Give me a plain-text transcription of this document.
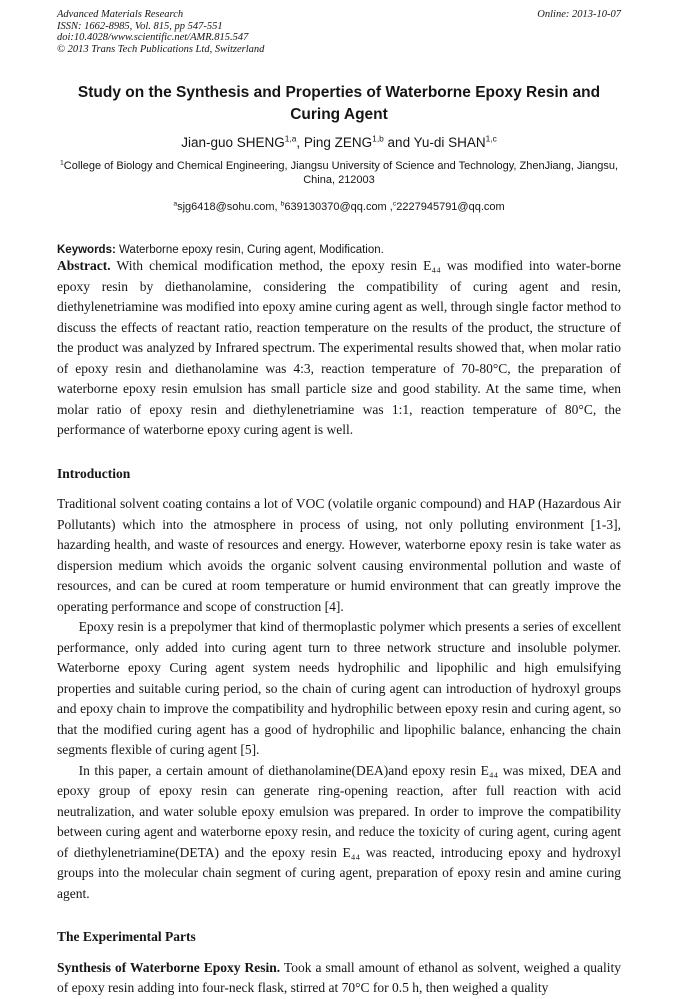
Advanced Materials Research
ISSN: 1662-8985, Vol. 815, pp 547-551
doi:10.4028/www.scientific.net/AMR.815.547
© 2013 Trans Tech Publications Ltd, Switzerland
Online: 2013-10-07
Study on the Synthesis and Properties of Waterborne Epoxy Resin and Curing Agent
Jian-guo SHENG$^{1,a}$, Ping ZENG$^{1,b}$ and Yu-di SHAN$^{1,c}$
$^1$College of Biology and Chemical Engineering, Jiangsu University of Science and Technology, ZhenJiang, Jiangsu, China, 212003
$^a$sjg6418@sohu.com, $^b$639130370@qq.com ,$^c$2227945791@qq.com
Keywords: Waterborne epoxy resin, Curing agent, Modification.

Abstract. With chemical modification method, the epoxy resin E₄₄ was modified into water-borne epoxy resin by diethanolamine, considering the compatibility of curing agent and resin, diethylenetriamine was modified into epoxy amine curing agent as well, through single factor method to discuss the effects of reactant ratio, reaction temperature on the results of the product, the structure of the product was analyzed by Infrared spectrum. The experimental results showed that, when molar ratio of epoxy resin and diethanolamine was 4:3, reaction temperature of 70-80°C, the preparation of waterborne epoxy resin emulsion has small particle size and good stability. At the same time, when molar ratio of epoxy resin and diethylenetriamine was 1:1, reaction temperature of 80°C, the performance of waterborne epoxy curing agent is well.

Introduction

Traditional solvent coating contains a lot of VOC (volatile organic compound) and HAP (Hazardous Air Pollutants) which into the atmosphere in process of using, not only polluting environment [1-3], hazarding health, and waste of resources and energy. However, waterborne epoxy resin is take water as dispersion medium which avoids the organic solvent causing environmental pollution and waste of resources, and can be cured at room temperature or humid environment that can greatly improve the operating performance and scope of construction [4].

Epoxy resin is a prepolymer that kind of thermoplastic polymer which presents a series of excellent performance, only added into curing agent turn to three network structure and insoluble polymer. Waterborne epoxy Curing agent system needs hydrophilic and lipophilic and high emulsifying properties and suitable curing period, so the chain of curing agent can introduction of hydroxyl groups and epoxy chain to improve the compatibility and hydrophilic between epoxy resin and curing agent, so that the modified curing agent has a good of hydrophilic and lipophilic balance, enhancing the chain segments flexible of curing agent [5].

In this paper, a certain amount of diethanolamine(DEA)and epoxy resin E₄₄ was mixed, DEA and epoxy group of epoxy resin can generate ring-opening reaction, after full reaction with acid neutralization, and water soluble epoxy emulsion was prepared. In order to improve the compatibility between curing agent and waterborne epoxy resin, and reduce the toxicity of curing agent, curing agent of diethylenetriamine(DETA) and the epoxy resin E₄₄ was reacted, introducing epoxy and hydroxyl groups into the molecular chain segment of curing agent, preparation of epoxy resin and amine curing agent.

The Experimental Parts

Synthesis of Waterborne Epoxy Resin. Took a small amount of ethanol as solvent, weighed a quality of epoxy resin adding into four-neck flask, stirred at 70°C for 0.5 h, then weighed a quality
